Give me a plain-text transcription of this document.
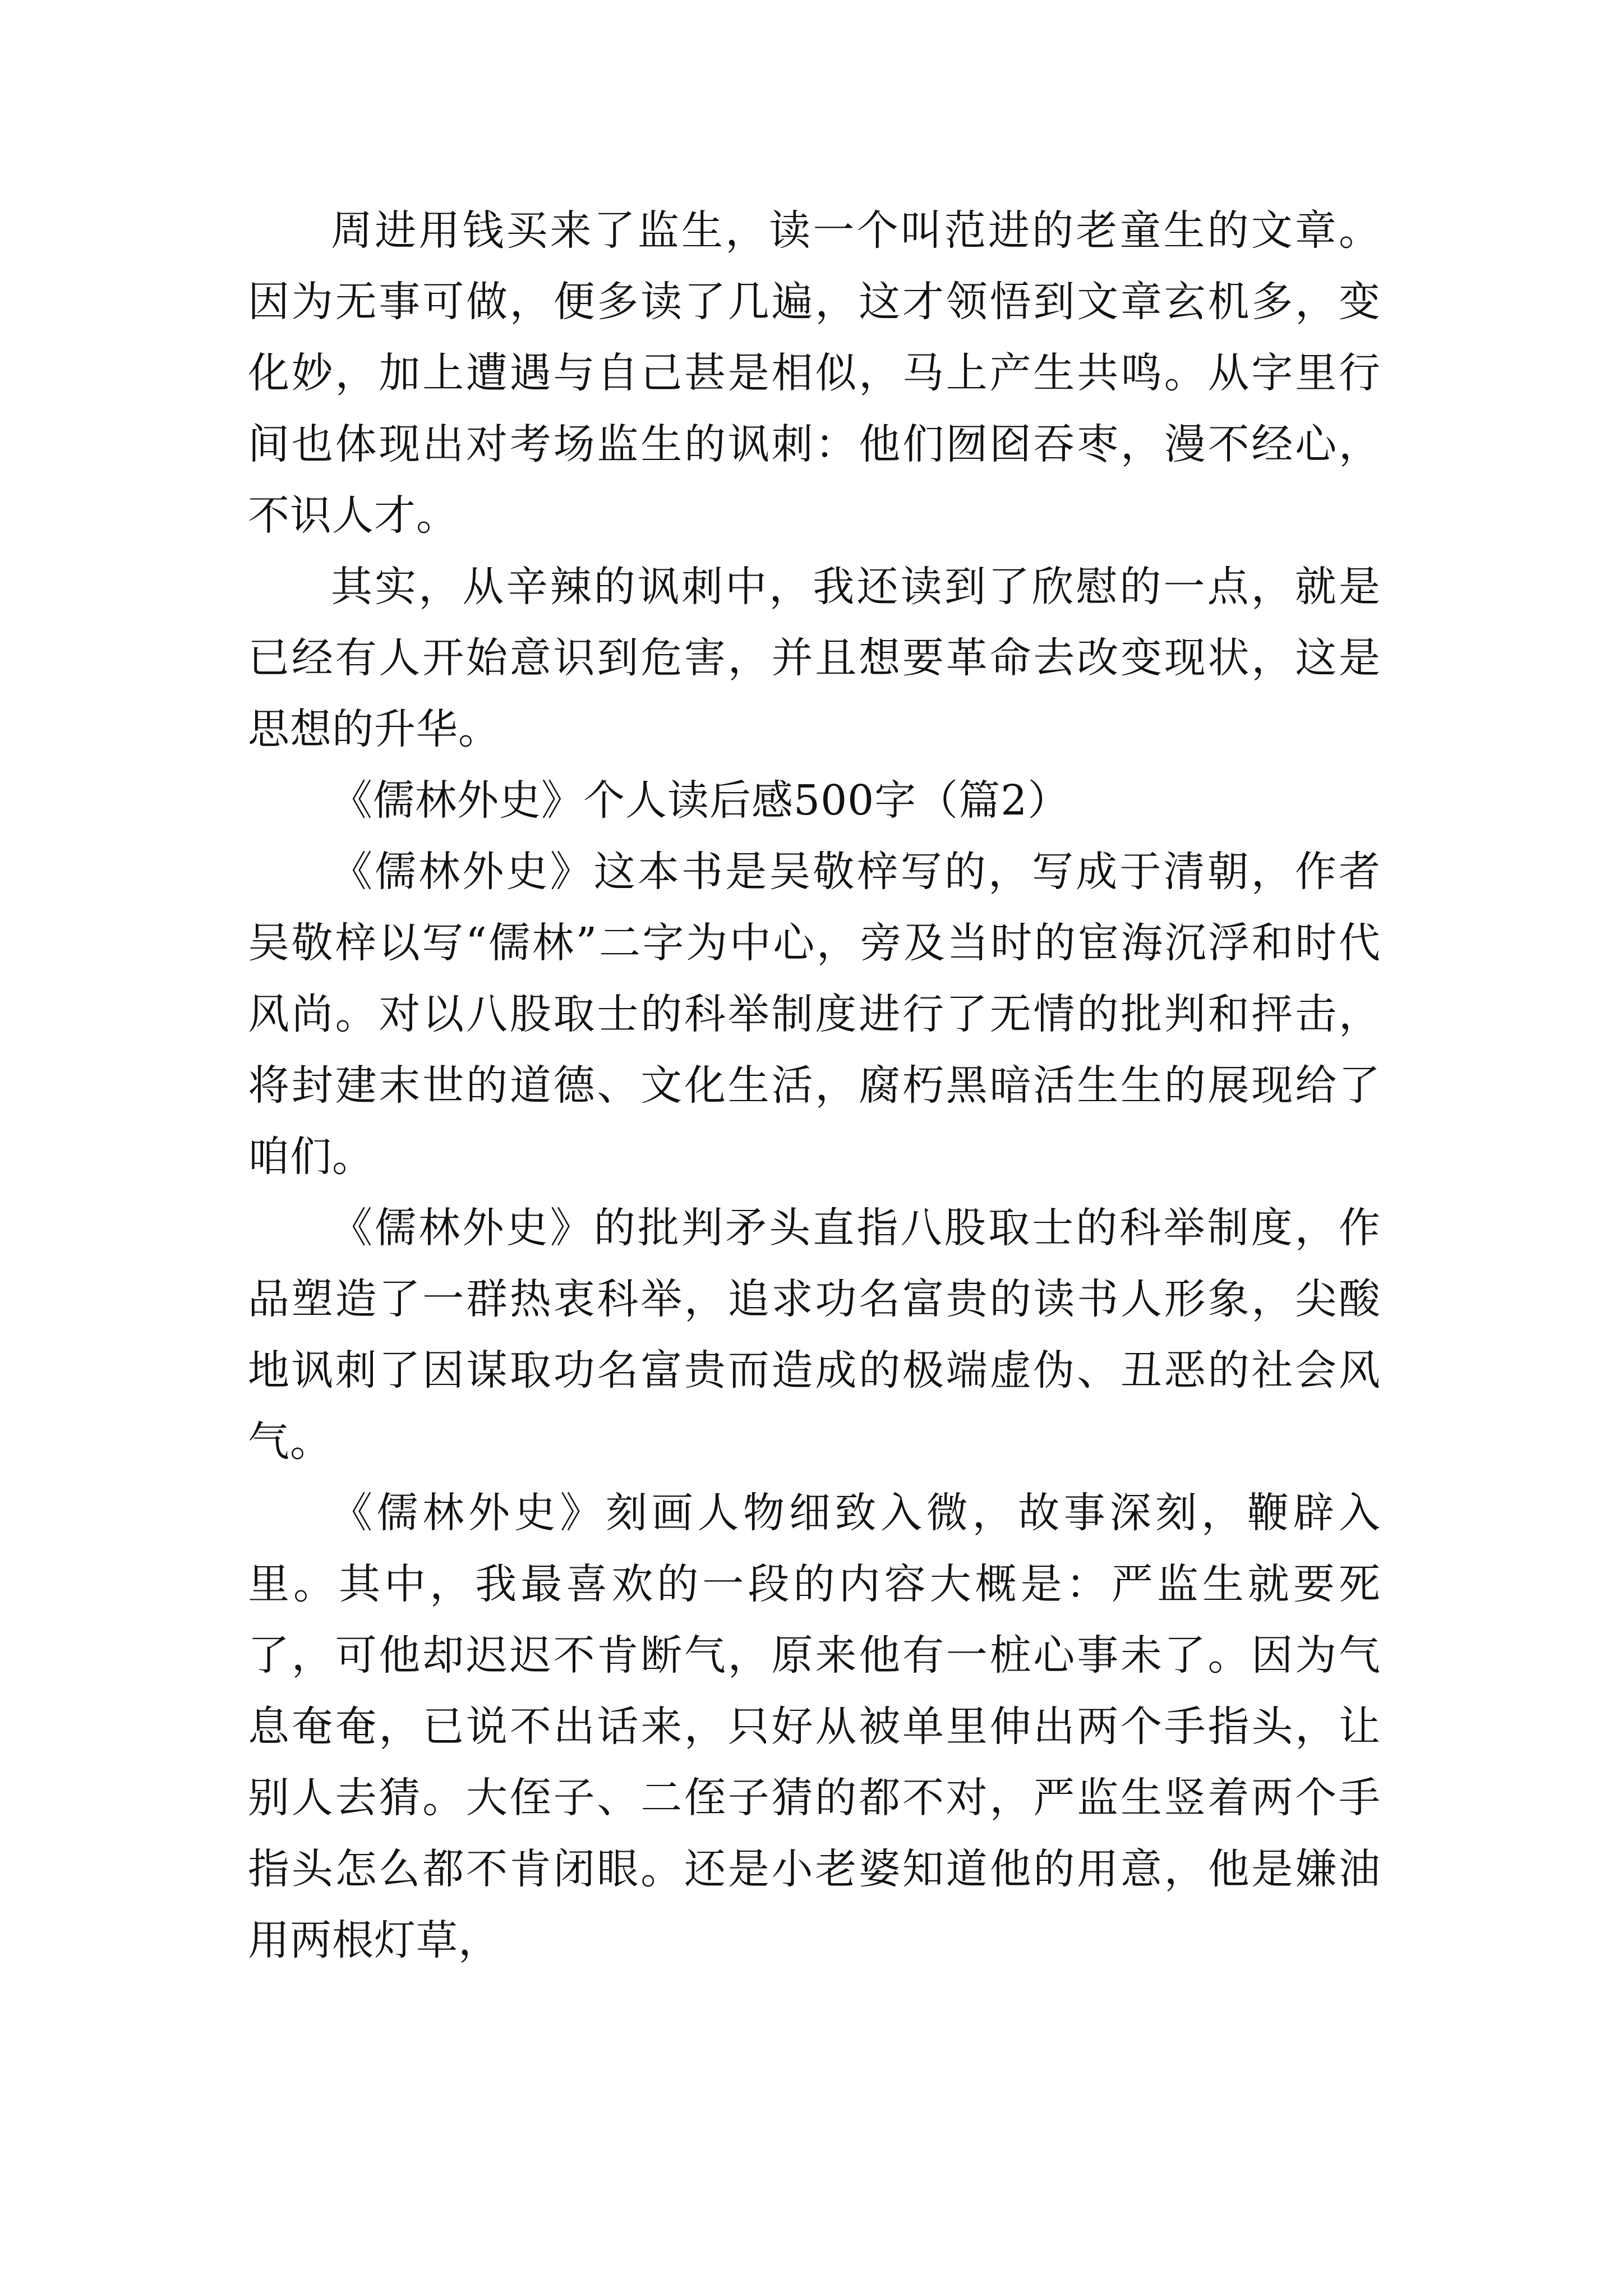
周进用钱买来了监生，读一个叫范进的老童生的文章。因为无事可做，便多读了几遍，这才领悟到文章玄机多，变化妙，加上遭遇与自己甚是相似，马上产生共鸣。从字里行间也体现出对考场监生的讽刺：他们囫囵吞枣，漫不经心，不识人才。

其实，从辛辣的讽刺中，我还读到了欣慰的一点，就是已经有人开始意识到危害，并且想要革命去改变现状，这是思想的升华。

《儒林外史》个人读后感500字（篇2）

《儒林外史》这本书是吴敬梓写的，写成于清朝，作者吴敬梓以写“儒林”二字为中心，旁及当时的宦海沉浮和时代风尚。对以八股取士的科举制度进行了无情的批判和抨击，将封建末世的道德、文化生活，腐朽黑暗活生生的展现给了咱们。

《儒林外史》的批判矛头直指八股取士的科举制度，作品塑造了一群热衷科举，追求功名富贵的读书人形象，尖酸地讽刺了因谋取功名富贵而造成的极端虚伪、丑恶的社会风气。

《儒林外史》刻画人物细致入微，故事深刻，鞭辟入里。其中，我最喜欢的一段的内容大概是：严监生就要死了，可他却迟迟不肯断气，原来他有一桩心事未了。因为气息奄奄，已说不出话来，只好从被单里伸出两个手指头，让别人去猜。大侄子、二侄子猜的都不对，严监生竖着两个手指头怎么都不肯闭眼。还是小老婆知道他的用意，他是嫌油用两根灯草，
